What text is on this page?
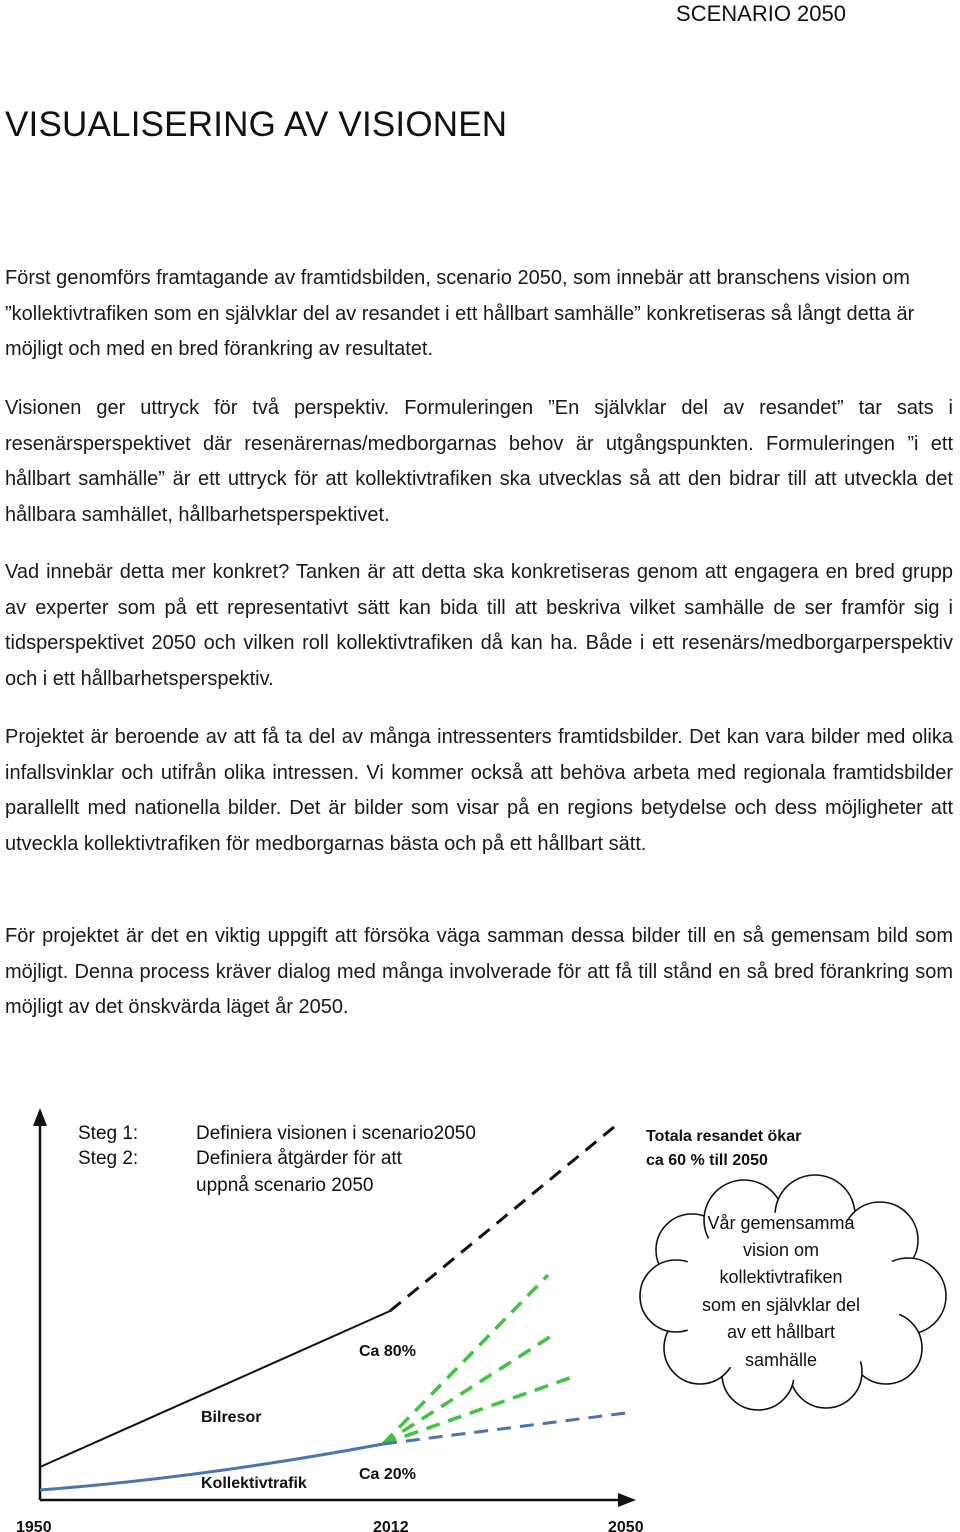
SCENARIO 2050
VISUALISERING AV VISIONEN

Först genomförs framtagande av framtidsbilden, scenario 2050, som innebär att branschens vision om ”kollektivtrafiken som en självklar del av resandet i ett hållbart samhälle” konkretiseras så långt detta är möjligt och med en bred förankring av resultatet.

Visionen ger uttryck för två perspektiv. Formuleringen ”En självklar del av resandet” tar sats i resenärsperspektivet där resenärernas/medborgarnas behov är utgångspunkten. Formuleringen ”i ett hållbart samhälle” är ett uttryck för att kollektivtrafiken ska utvecklas så att den bidrar till att utveckla det hållbara samhället, hållbarhetsperspektivet.

Vad innebär detta mer konkret? Tanken är att detta ska konkretiseras genom att engagera en bred grupp av experter som på ett representativt sätt kan bida till att beskriva vilket samhälle de ser framför sig i tidsperspektivet 2050 och vilken roll kollektivtrafiken då kan ha. Både i ett resenärs/medborgarperspektiv och i ett hållbarhetsperspektiv.

Projektet är beroende av att få ta del av många intressenters framtidsbilder. Det kan vara bilder med olika infallsvinklar och utifrån olika intressen. Vi kommer också att behöva arbeta med regionala framtidsbilder parallellt med nationella bilder. Det är bilder som visar på en regions betydelse och dess möjligheter att utveckla kollektivtrafiken för medborgarnas bästa och på ett hållbart sätt.

För projektet är det en viktig uppgift att försöka väga samman dessa bilder till en så gemensam bild som möjligt. Denna process kräver dialog med många involverade för att få till stånd en så bred förankring som möjligt av det önskvärda läget år 2050.

Steg 1:	Definiera visionen i scenario2050
Steg 2:	Definiera åtgärder för att
uppnå scenario 2050
Totala resandet ökar
ca 60 % till 2050
Vår gemensamma
vision om
kollektivtrafiken
som en självklar del
av ett hållbart
samhälle
Ca 80%
Bilresor
Ca 20%
Kollektivtrafik
1950	2012	2050
